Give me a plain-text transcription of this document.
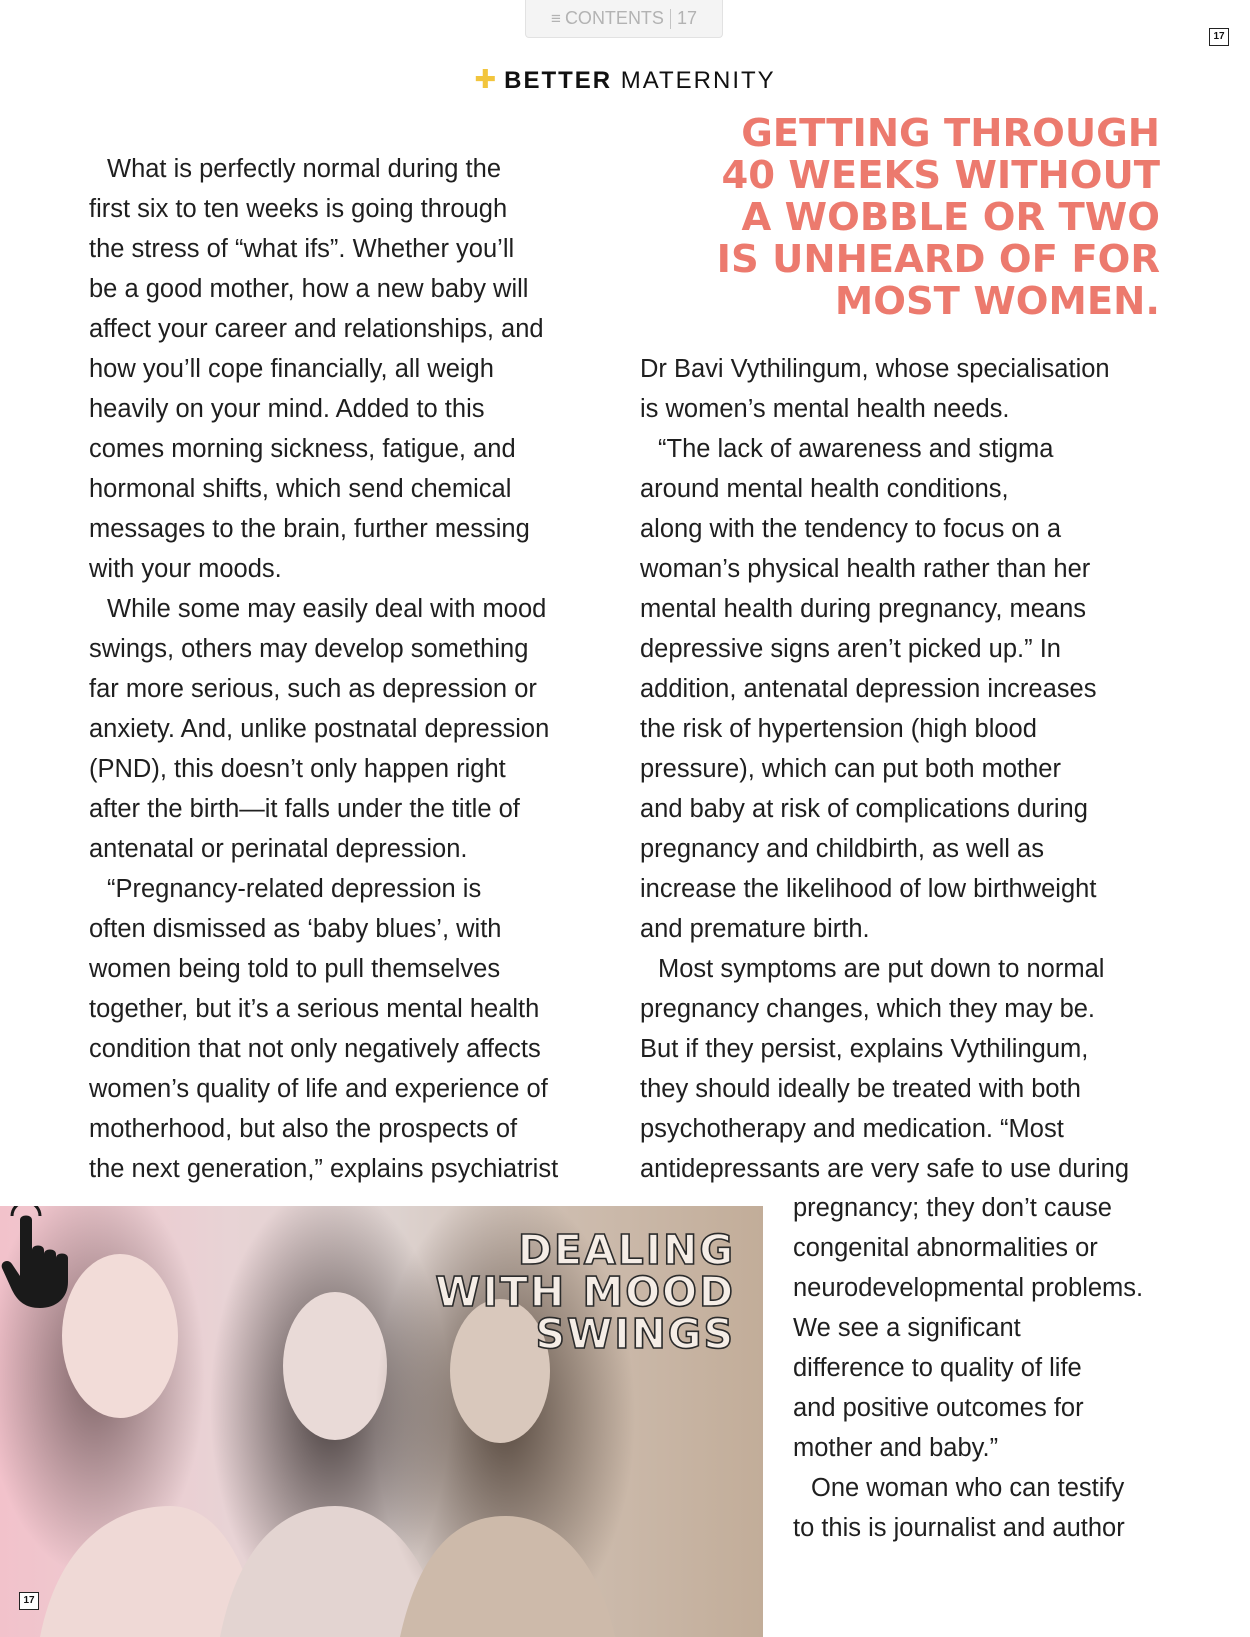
≡ CONTENTS 17
17
✚ BETTER MATERNITY
GETTING THROUGH
40 WEEKS WITHOUT
A WOBBLE OR TWO
IS UNHEARD OF FOR
MOST WOMEN.

What is perfectly normal during the

first six to ten weeks is going through

the stress of “what ifs”. Whether you’ll

be a good mother, how a new baby will

affect your career and relationships, and

how you’ll cope financially, all weigh

heavily on your mind. Added to this

comes morning sickness, fatigue, and

hormonal shifts, which send chemical

messages to the brain, further messing

with your moods.

While some may easily deal with mood

swings, others may develop something

far more serious, such as depression or

anxiety. And, unlike postnatal depression

(PND), this doesn’t only happen right

after the birth—it falls under the title of

antenatal or perinatal depression.

“Pregnancy-related depression is

often dismissed as ‘baby blues’, with

women being told to pull themselves

together, but it’s a serious mental health

condition that not only negatively affects

women’s quality of life and experience of

motherhood, but also the prospects of

the next generation,” explains psychiatrist

Dr Bavi Vythilingum, whose specialisation

is women’s mental health needs.

“The lack of awareness and stigma

around mental health conditions,

along with the tendency to focus on a

woman’s physical health rather than her

mental health during pregnancy, means

depressive signs aren’t picked up.” In

addition, antenatal depression increases

the risk of hypertension (high blood

pressure), which can put both mother

and baby at risk of complications during

pregnancy and childbirth, as well as

increase the likelihood of low birthweight

and premature birth.

Most symptoms are put down to normal

pregnancy changes, which they may be.

But if they persist, explains Vythilingum,

they should ideally be treated with both

psychotherapy and medication. “Most

antidepressants are very safe to use during

pregnancy; they don’t cause

congenital abnormalities or

neurodevelopmental problems.

We see a significant

difference to quality of life

and positive outcomes for

mother and baby.”

One woman who can testify

to this is journalist and author

DEALING
WITH MOOD
SWINGS
17
